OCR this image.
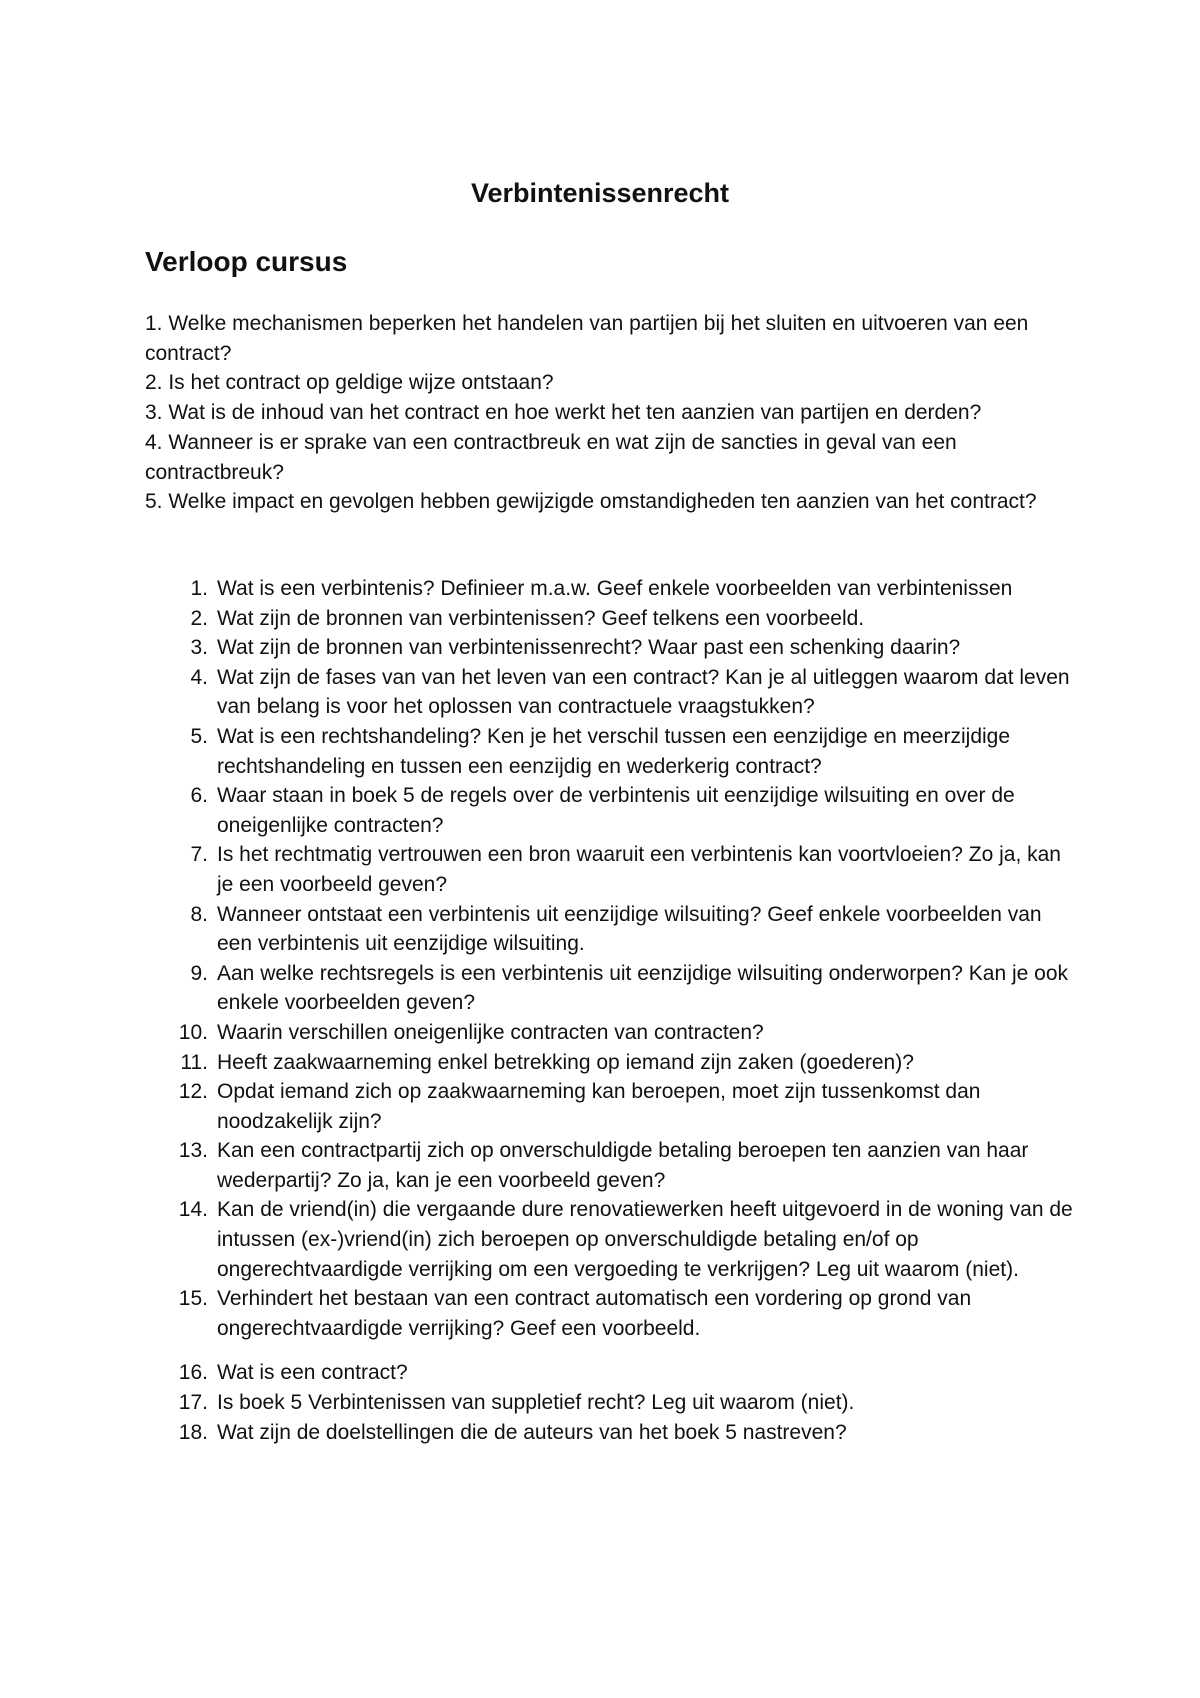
Verbintenissenrecht
Verloop cursus
1. Welke mechanismen beperken het handelen van partijen bij het sluiten en uitvoeren van een contract?
2. Is het contract op geldige wijze ontstaan?
3. Wat is de inhoud van het contract en hoe werkt het ten aanzien van partijen en derden?
4. Wanneer is er sprake van een contractbreuk en wat zijn de sancties in geval van een contractbreuk?
5. Welke impact en gevolgen hebben gewijzigde omstandigheden ten aanzien van het contract?
1. Wat is een verbintenis? Definieer m.a.w. Geef enkele voorbeelden van verbintenissen
2. Wat zijn de bronnen van verbintenissen? Geef telkens een voorbeeld.
3. Wat zijn de bronnen van verbintenissenrecht? Waar past een schenking daarin?
4. Wat zijn de fases van van het leven van een contract? Kan je al uitleggen waarom dat leven van belang is voor het oplossen van contractuele vraagstukken?
5. Wat is een rechtshandeling? Ken je het verschil tussen een eenzijdige en meerzijdige rechtshandeling en tussen een eenzijdig en wederkerig contract?
6. Waar staan in boek 5 de regels over de verbintenis uit eenzijdige wilsuiting en over de oneigenlijke contracten?
7. Is het rechtmatig vertrouwen een bron waaruit een verbintenis kan voortvloeien? Zo ja, kan je een voorbeeld geven?
8. Wanneer ontstaat een verbintenis uit eenzijdige wilsuiting? Geef enkele voorbeelden van een verbintenis uit eenzijdige wilsuiting.
9. Aan welke rechtsregels is een verbintenis uit eenzijdige wilsuiting onderworpen? Kan je ook enkele voorbeelden geven?
10. Waarin verschillen oneigenlijke contracten van contracten?
11. Heeft zaakwaarneming enkel betrekking op iemand zijn zaken (goederen)?
12. Opdat iemand zich op zaakwaarneming kan beroepen, moet zijn tussenkomst dan noodzakelijk zijn?
13. Kan een contractpartij zich op onverschuldigde betaling beroepen ten aanzien van haar wederpartij? Zo ja, kan je een voorbeeld geven?
14. Kan de vriend(in) die vergaande dure renovatiewerken heeft uitgevoerd in de woning van de intussen (ex-)vriend(in) zich beroepen op onverschuldigde betaling en/of op ongerechtvaardigde verrijking om een vergoeding te verkrijgen? Leg uit waarom (niet).
15. Verhindert het bestaan van een contract automatisch een vordering op grond van ongerechtvaardigde verrijking? Geef een voorbeeld.
16. Wat is een contract?
17. Is boek 5 Verbintenissen van suppletief recht? Leg uit waarom (niet).
18. Wat zijn de doelstellingen die de auteurs van het boek 5 nastreven?
